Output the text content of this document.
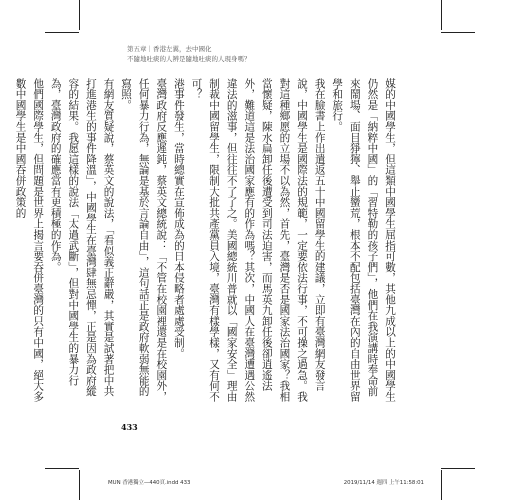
第五章｜香港左翼，去中國化
不隨地吐痰的人辨是隨地吐痰的人現身嗎？

媒的中國學生，但這類中國學生屈指可數，其他九成以上的中國學生仍然是「納粹中國」的「習特勒的孩子們」，他們在我演講時奉命前來鬧場、面目猙獰、舉止蠻荒，根本不配包括臺灣在內的自由世界留學和旅行。

我在臉書上作出遣返五十中國留學生的建議，立即有臺灣網友發言說，中國學生是國際法的規範，一定要依法行事，不可操之過急。我對這種鄉愿的立場不以為然，首先，臺灣是否是國家法治國家？我相當懷疑，陳水扁卸任後遭受到司法迫害，而馬英九卸任後卻逍遙法外，難道這是法治國家應有的作為嗎？其次，中國人在臺灣遭遇公然違法的滋事，但往往不了了之。美國總統川普就以「國家安全」理由制裁中國留學生，限制大批共產黨員入境，臺灣有樣學樣，又有何不可？

港事件發生，當時總實在宣佈成為的日本侵略者處處受制。

臺灣政府反應遲鈍，蔡英文總統說：「不管在校園裡還是在校園外，任何暴力行為，無論是基於言論自由」，這句話正是政府軟弱無能的寫照。

有網友質疑說，蔡英文的說法，「看似義正辭嚴，其實是試著把中共打進港生的事件降溫」，中國學生在臺灣肆無忌憚，正是因為政府縱容的結果。我愿這樣的說法「太過武斷」，但對中國學生的暴力行為，臺灣政府的確應當有更積極的作為。

他們國際學生，但問題是世界上揭言要吞併臺灣的只有中國，絕大多數中國學生是中國吞併政策的

433
MUN 香港獨立—440頁.indd 433	2019/11/14 週四 上午11:58:01
